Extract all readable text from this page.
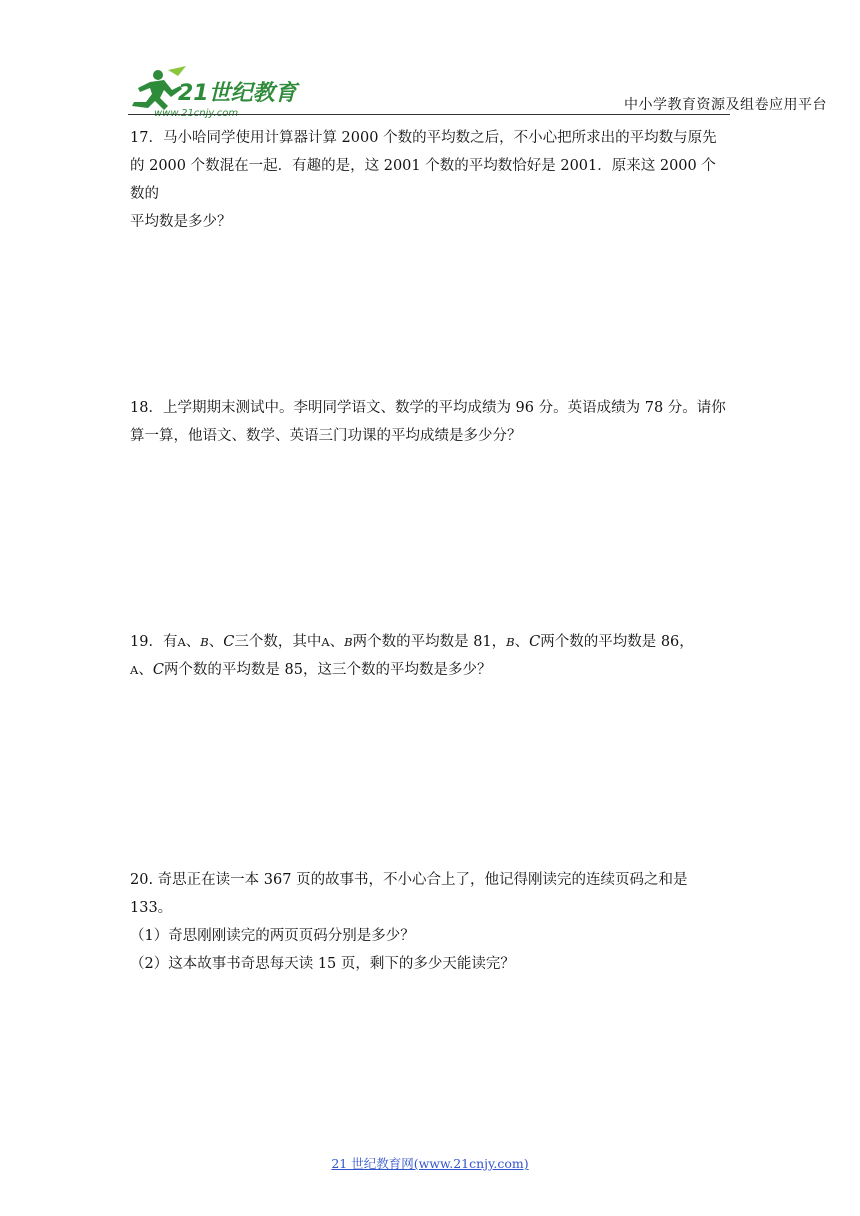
21世纪教育
www.21cnjy.com
中小学教育资源及组卷应用平台

17．马小哈同学使用计算器计算 2000 个数的平均数之后，不小心把所求出的平均数与原先

的 2000 个数混在一起．有趣的是，这 2001 个数的平均数恰好是 2001．原来这 2000 个数的

平均数是多少？

18．上学期期末测试中。李明同学语文、数学的平均成绩为 96 分。英语成绩为 78 分。请你

算一算，他语文、数学、英语三门功课的平均成绩是多少分？

19．有A、B、C三个数，其中A、B两个数的平均数是 81，B、C两个数的平均数是 86，

A、C两个数的平均数是 85，这三个数的平均数是多少？

20. 奇思正在读一本 367 页的故事书，不小心合上了，他记得刚读完的连续页码之和是 133。

（1）奇思刚刚读完的两页页码分别是多少？

（2）这本故事书奇思每天读 15 页，剩下的多少天能读完？

21 世纪教育网(www.21cnjy.com)
